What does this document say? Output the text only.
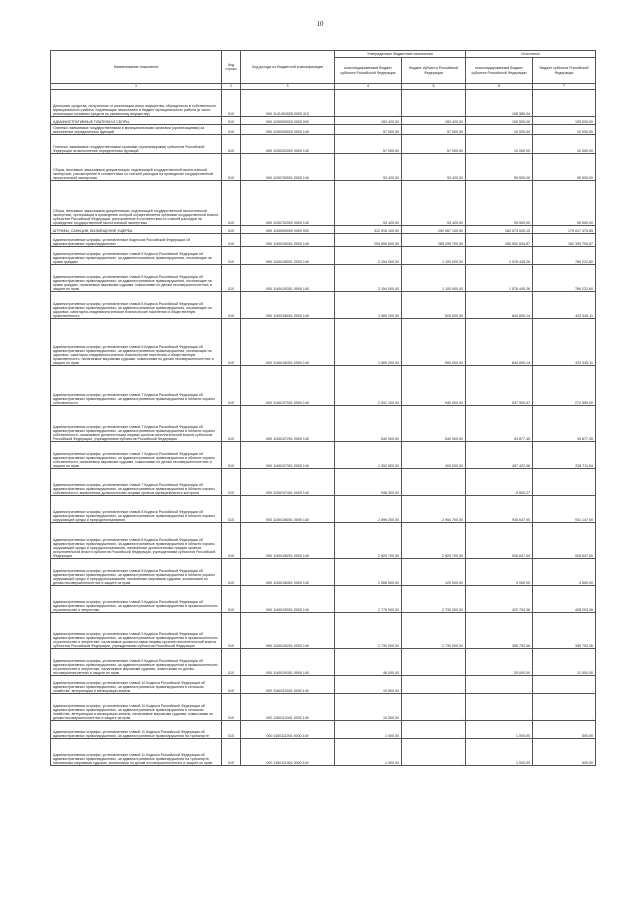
10
Наименование показателя	Код строки	Код дохода по бюджетной классификации	Утвержденные бюджетные назначения		Исполнено	
			консолидированный бюджет субъекта Российской Федерации	бюджет субъекта Российской Федерации	консолидированный бюджет субъекта Российской Федерации	бюджет субъекта Российской Федерации
1	2	3	4	5	6	7
Денежные средства, полученные от реализации иного имущества, обращенного в собственность муниципального района, подлежащие зачислению в бюджет муниципального района (в части реализации основных средств по указанному имуществу)	010	000 1141404005 0000 410	-	-	108 380,04	-
АДМИНИСТРАТИВНЫЕ ПЛАТЕЖИ И СБОРЫ	010	000 1150000000 0000 000	150 420,00	150 420,00	105 500,00	105 500,00
Платежи, взимаемые государственными и муниципальными органами (организациями) за выполнение определенных функций	010	000 1150200000 0000 140	57 000,00	57 000,00	10 000,00	10 000,00
Платежи, взимаемые государственными органами (организациями) субъектов Российской Федерации за выполнение определенных функций	010	000 1150202002 0000 140	57 000,00	57 000,00	10 000,00	10 000,00
Сборы, вносимые заказчиками документации, подлежащей государственной экологической экспертизе, рассмотрение в соответствии со статьей расходов на проведение государственной экологической экспертизы	010	000 1150700001 0000 140	93 420,00	93 420,00	95 500,00	95 500,00
Сборы, вносимые заказчиками документации, подлежащей государственной экологической экспертизе, организация и проведение которой осуществляется органами государственной власти субъектов Российской Федерации, рассчитанные в соответствии со статьей расходов на проведение государственной экологической экспертизы	010	000 1150702002 0000 140	93 420,00	93 420,00	95 500,00	95 500,00
ШТРАФЫ, САНКЦИИ, ВОЗМЕЩЕНИЕ УЩЕРБА	010	000 1160000000 0000 000	312 915 100,00	292 067 100,00	183 573 020,15	179 017 375,65
Административные штрафы, установленные Кодексом Российской Федерации об административных правонарушениях	010	000 1160100001 0000 140	294 555 500,00	285 295 700,00	165 952 534,87	162 393 705,57
Административные штрафы, установленные главой 5 Кодекса Российской Федерации об административных правонарушениях, за административные правонарушения, посягающие на права граждан	010	000 1160105001 0000 140	2 154 000,00	1 100 000,00	1 578 445,26	789 222,60
Административные штрафы, установленные главой 5 Кодекса Российской Федерации об административных правонарушениях, за административные правонарушения, посягающие на права граждан, налагаемые мировыми судьями, комиссиями по делам несовершеннолетних и защите их прав	010	000 1160105301 0000 140	2 154 000,00	1 100 000,00	1 578 445,26	789 222,60
Административные штрафы, установленные главой 6 Кодекса Российской Федерации об административных правонарушениях, за административные правонарушения, посягающие на здоровье, санитарно-эпидемиологическое благополучие населения и общественную нравственность	010	000 1160106001 0000 140	1 569 200,00	500 000,00	844 690,14	422 345,11
Административные штрафы, установленные главой 6 Кодекса Российской Федерации об административных правонарушениях, за административные правонарушения, посягающие на здоровье, санитарно-эпидемиологическое благополучие населения и общественную нравственность, налагаемые мировыми судьями, комиссиями по делам несовершеннолетних и защите их прав	010	000 1160106301 0000 140	1 569 200,00	500 000,00	844 690,14	422 345,11
Административные штрафы, установленные главой 7 Кодекса Российской Федерации об административных правонарушениях, за административные правонарушения в области охраны собственности	010	000 1160107001 0000 140	2 541 100,00	940 000,00	537 900,57	272 559,00
Административные штрафы, установленные главой 7 Кодекса Российской Федерации об административных правонарушениях, за административные правонарушения в области охраны собственности, налагаемые должностными лицами органов исполнительной власти субъектов Российской Федерации, учреждениями субъектов Российской Федерации	010	000 1160107201 0000 140	540 000,00	540 000,00	43 877,45	43 877,45
Административные штрафы, установленные главой 7 Кодекса Российской Федерации об административных правонарушениях, за административные правонарушения в области охраны собственности, налагаемые мировыми судьями, комиссиями по делам несовершеннолетних и защите их прав	010	000 1160107301 0000 140	1 052 800,00	400 000,00	457 422,06	228 711,04
Административные штрафы, установленные главой 7 Кодекса Российской Федерации об административных правонарушениях, за административные правонарушения в области охраны собственности, выявленные должностными лицами органов муниципального контроля	010	000 1160107401 0000 140	948 300,00	-	-5 600,27	-
Административные штрафы, установленные главой 8 Кодекса Российской Федерации об административных правонарушениях, за административные правонарушения в области охраны окружающей среды и природопользования	010	000 1160108001 0000 140	2 896 200,00	2 954 700,00	935 647,00	931 147,00
Административные штрафы, установленные главой 8 Кодекса Российской Федерации об административных правонарушениях, за административные правонарушения в области охраны окружающей среды и природопользования, налагаемые должностными лицами органов исполнительной власти субъектов Российской Федерации, учреждениями субъектов Российской Федерации	010	000 1160108201 0000 140	2 829 700,00	2 829 700,00	926 647,00	926 647,00
Административные штрафы, установленные главой 8 Кодекса Российской Федерации об административных правонарушениях, за административные правонарушения в области охраны окружающей среды и природопользования, налагаемые мировыми судьями, комиссиями по делам несовершеннолетних и защите их прав	010	000 1160108301 0000 140	1 066 500,00	125 000,00	9 000,00	4 500,00
Административные штрафы, установленные главой 9 Кодекса Российской Федерации об административных правонарушениях, за административные правонарушения в промышленности, строительстве и энергетике	010	000 1160109001 0000 140	2 776 000,00	2 730 000,00	420 793,36	408 293,36
Административные штрафы, установленные главой 9 Кодекса Российской Федерации об административных правонарушениях, за административные правонарушения в промышленности, строительстве и энергетике, налагаемые должностными лицами органов исполнительной власти субъектов Российской Федерации, учреждениями субъектов Российской Федерации	010	000 1160109201 0000 140	2 730 000,00	2 730 000,00	395 793,36	395 793,36
Административные штрафы, установленные главой 9 Кодекса Российской Федерации об административных правонарушениях, за административные правонарушения в промышленности, строительстве и энергетике, налагаемые мировыми судьями, комиссиями по делам несовершеннолетних и защите их прав	010	000 1160109301 0000 140	46 000,00	-	25 000,00	12 500,00
Административные штрафы, установленные главой 10 Кодекса Российской Федерации об административных правонарушениях, за административные правонарушения в сельском хозяйстве, ветеринарии и мелиорации земель	010	000 1160110001 0000 140	10 500,00	-	-	-
Административные штрафы, установленные главой 10 Кодекса Российской Федерации об административных правонарушениях, за административные правонарушения в сельском хозяйстве, ветеринарии и мелиорации земель, налагаемые мировыми судьями, комиссиями по делам несовершеннолетних и защите их прав	010	000 1160110301 0000 140	10 500,00	-	-	-
Административные штрафы, установленные главой 11 Кодекса Российской Федерации об административных правонарушениях, за административные правонарушения на транспорте	010	000 1160111001 0000 140	1 000,00	-	1 000,00	500,00
Административные штрафы, установленные главой 11 Кодекса Российской Федерации об административных правонарушениях, за административные правонарушения на транспорте, налагаемые мировыми судьями, комиссиями по делам несовершеннолетних и защите их прав	010	000 1160111301 0000 140	1 000,00	-	1 000,00	500,00
